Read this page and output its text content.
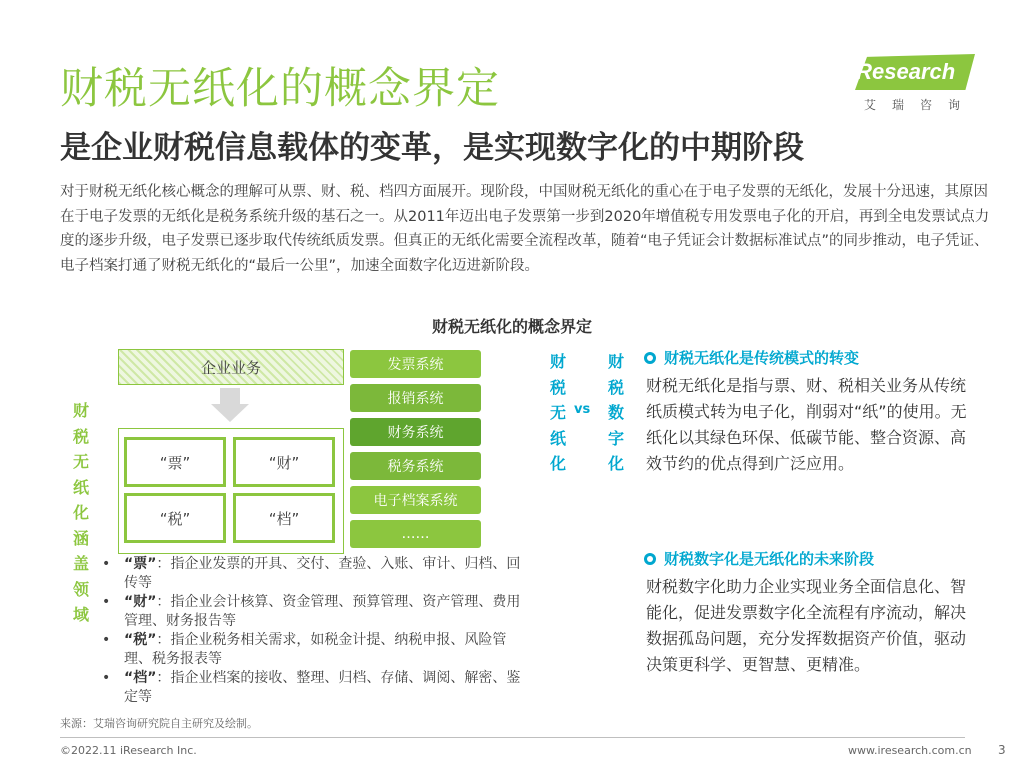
财税无纸化的概念界定
是企业财税信息载体的变革，是实现数字化的中期阶段
iResearch
艾瑞咨询
对于财税无纸化核心概念的理解可从票、财、税、档四方面展开。现阶段，中国财税无纸化的重心在于电子发票的无纸化，发展十分迅速，其原因在于电子发票的无纸化是税务系统升级的基石之一。从2011年迈出电子发票第一步到2020年增值税专用发票电子化的开启，再到全电发票试点力度的逐步升级，电子发票已逐步取代传统纸质发票。但真正的无纸化需要全流程改革，随着“电子凭证会计数据标准试点”的同步推动，电子凭证、电子档案打通了财税无纸化的“最后一公里”，加速全面数字化迈进新阶段。
财税无纸化的概念界定
财税无纸化涵盖领域
企业业务
“票”	“财”
“税”	“档”
发票系统
报销系统
财务系统
税务系统
电子档案系统
……

• “票”：指企业发票的开具、交付、查验、入账、审计、归档、回传等

• “财”：指企业会计核算、资金管理、预算管理、资产管理、费用管理、财务报告等

• “税”：指企业税务相关需求，如税金计提、纳税申报、风险管理、税务报表等

• “档”：指企业档案的接收、整理、归档、存储、调阅、解密、鉴定等

财税无纸化
vs
财税数字化
财税无纸化是传统模式的转变
财税无纸化是指与票、财、税相关业务从传统纸质模式转为电子化，削弱对“纸”的使用。无纸化以其绿色环保、低碳节能、整合资源、高效节约的优点得到广泛应用。
财税数字化是无纸化的未来阶段
财税数字化助力企业实现业务全面信息化、智能化，促进发票数字化全流程有序流动，解决数据孤岛问题，充分发挥数据资产价值，驱动决策更科学、更智慧、更精准。
来源：艾瑞咨询研究院自主研究及绘制。
©2022.11 iResearch Inc.	www.iresearch.com.cn 3
